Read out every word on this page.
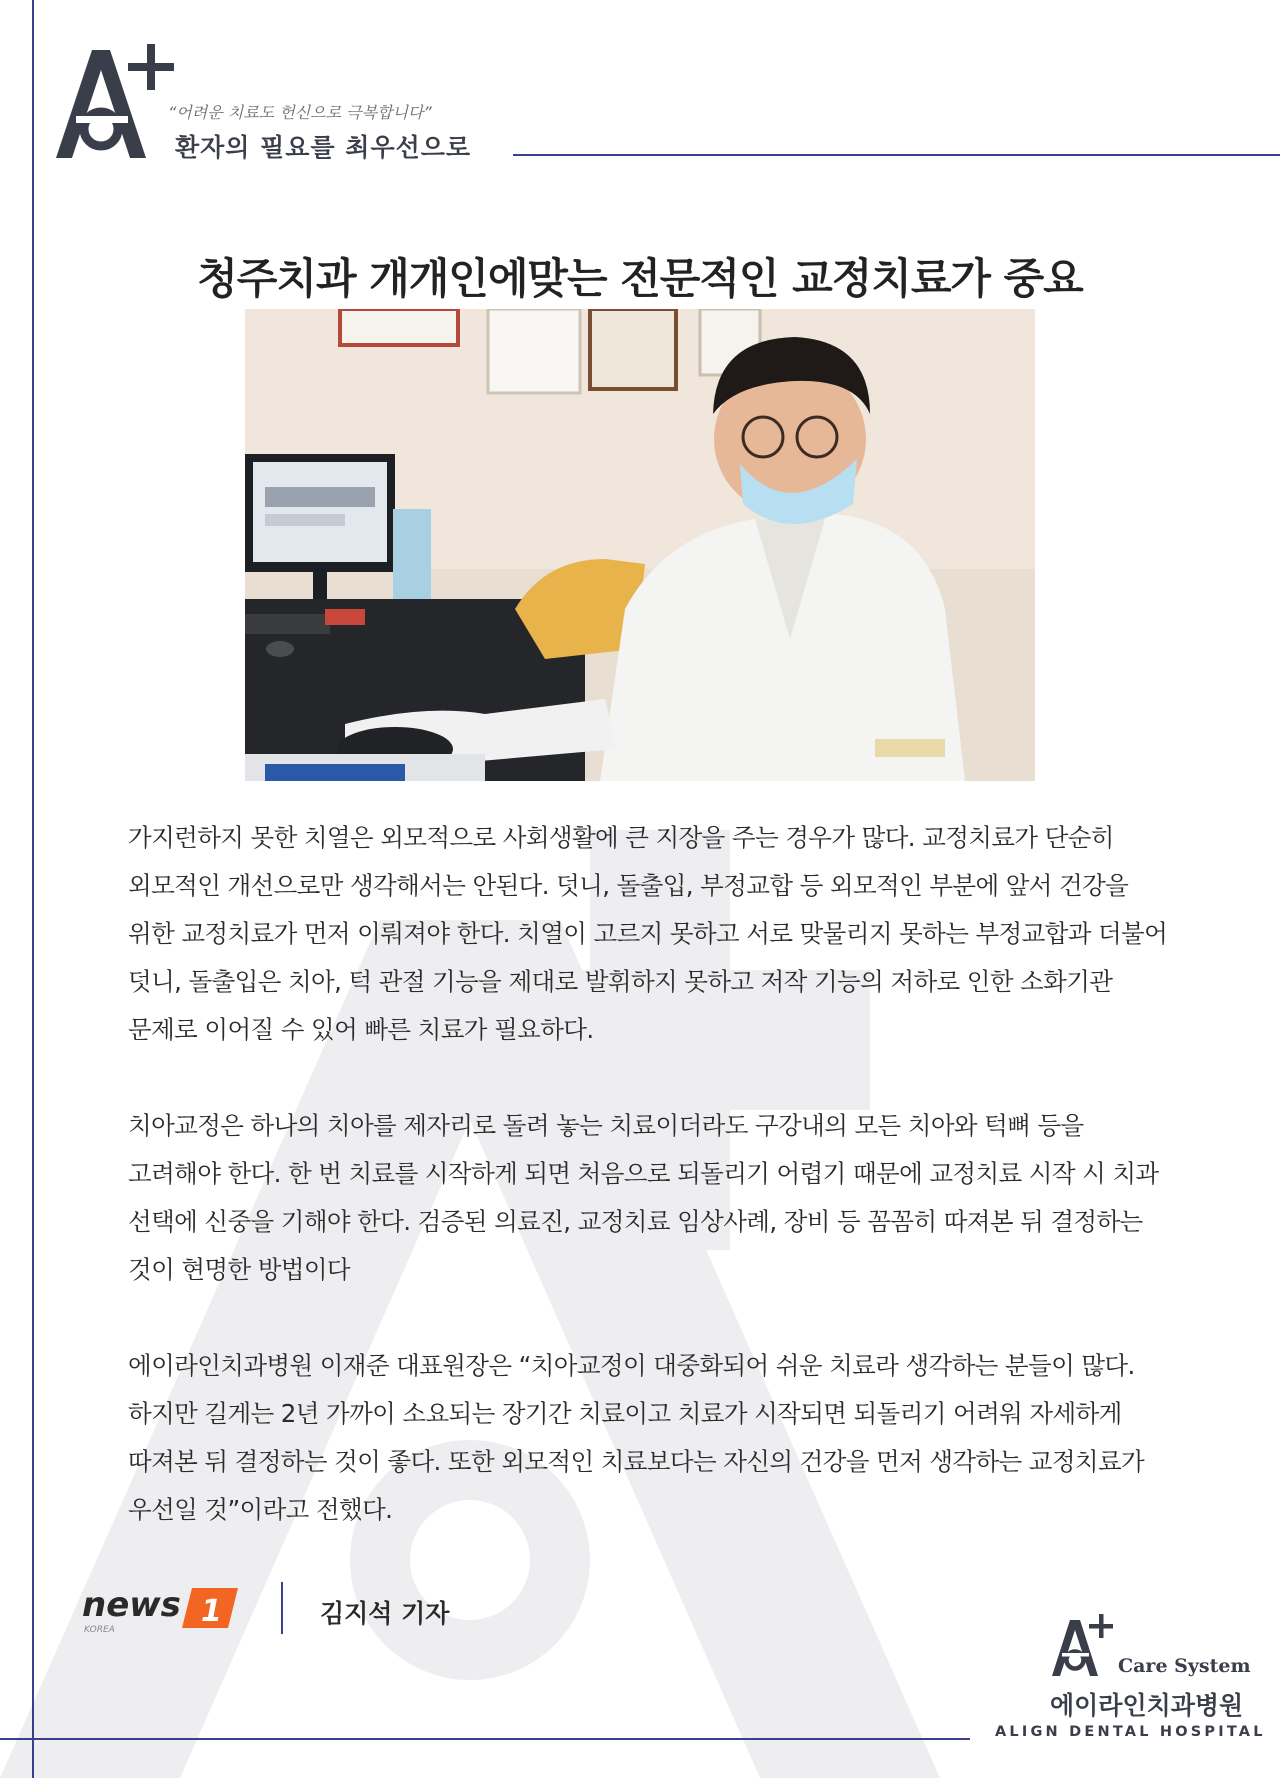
“어려운 치료도 헌신으로 극복합니다”
환자의 필요를 최우선으로
청주치과 개개인에맞는 전문적인 교정치료가 중요

가지런하지 못한 치열은 외모적으로 사회생활에 큰 지장을 주는 경우가 많다. 교정치료가 단순히 외모적인 개선으로만 생각해서는 안된다. 덧니, 돌출입, 부정교합 등 외모적인 부분에 앞서 건강을 위한 교정치료가 먼저 이뤄져야 한다. 치열이 고르지 못하고 서로 맞물리지 못하는 부정교합과 더불어 덧니, 돌출입은 치아, 턱 관절 기능을 제대로 발휘하지 못하고 저작 기능의 저하로 인한 소화기관 문제로 이어질 수 있어 빠른 치료가 필요하다.

치아교정은 하나의 치아를 제자리로 돌려 놓는 치료이더라도 구강내의 모든 치아와 턱뼈 등을 고려해야 한다. 한 번 치료를 시작하게 되면 처음으로 되돌리기 어렵기 때문에 교정치료 시작 시 치과 선택에 신중을 기해야 한다. 검증된 의료진, 교정치료 임상사례, 장비 등 꼼꼼히 따져본 뒤 결정하는 것이 현명한 방법이다

에이라인치과병원 이재준 대표원장은 “치아교정이 대중화되어 쉬운 치료라 생각하는 분들이 많다. 하지만 길게는 2년 가까이 소요되는 장기간 치료이고 치료가 시작되면 되돌리기 어려워 자세하게 따져본 뒤 결정하는 것이 좋다. 또한 외모적인 치료보다는 자신의 건강을 먼저 생각하는 교정치료가 우선일 것”이라고 전했다.

news 1
KOREA
김지석 기자
Care System
에이라인치과병원
ALIGN DENTAL HOSPITAL
